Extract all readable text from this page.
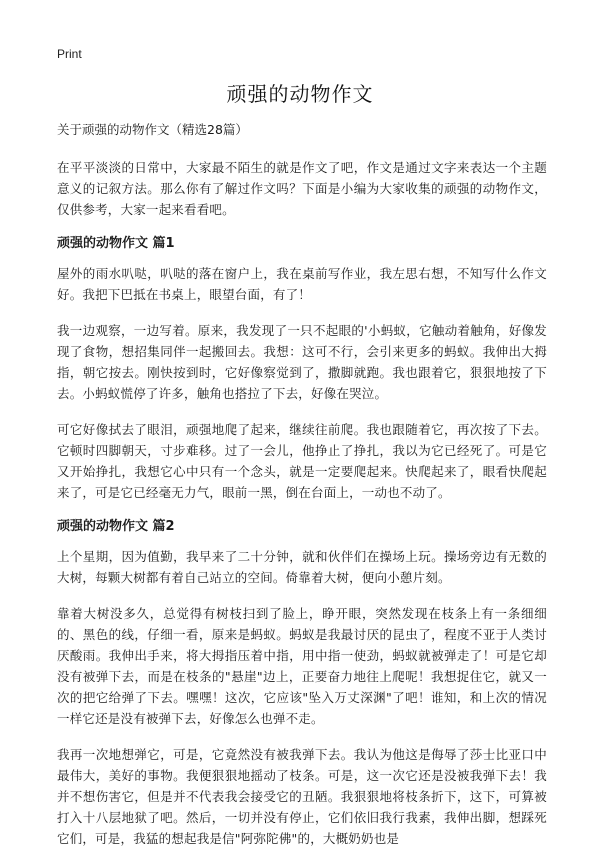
Print
顽强的动物作文

关于顽强的动物作文（精选28篇）

在平平淡淡的日常中，大家最不陌生的就是作文了吧，作文是通过文字来表达一个主题意义的记叙方法。那么你有了解过作文吗？下面是小编为大家收集的顽强的动物作文，仅供参考，大家一起来看看吧。

顽强的动物作文 篇1

屋外的雨水叭哒，叭哒的落在窗户上，我在桌前写作业，我左思右想，不知写什么作文好。我把下巴抵在书桌上，眼望台面，有了！

我一边观察，一边写着。原来，我发现了一只不起眼的'小蚂蚁，它触动着触角，好像发现了食物，想招集同伴一起搬回去。我想：这可不行，会引来更多的蚂蚁。我伸出大拇指，朝它按去。刚快按到时，它好像察觉到了，撒脚就跑。我也跟着它，狠狠地按了下去。小蚂蚁慌停了许多，触角也搭拉了下去，好像在哭泣。

可它好像拭去了眼泪，顽强地爬了起来，继续往前爬。我也跟随着它，再次按了下去。它顿时四脚朝天，寸步难移。过了一会儿，他挣止了挣扎，我以为它已经死了。可是它又开始挣扎，我想它心中只有一个念头，就是一定要爬起来。快爬起来了，眼看快爬起来了，可是它已经毫无力气，眼前一黑，倒在台面上，一动也不动了。

顽强的动物作文 篇2

上个星期，因为值勤，我早来了二十分钟，就和伙伴们在操场上玩。操场旁边有无数的大树，每颗大树都有着自己站立的空间。倚靠着大树，便向小憩片刻。

靠着大树没多久，总觉得有树枝扫到了脸上，睁开眼，突然发现在枝条上有一条细细的、黑色的线，仔细一看，原来是蚂蚁。蚂蚁是我最讨厌的昆虫了，程度不亚于人类讨厌酸雨。我伸出手来，将大拇指压着中指，用中指一使劲，蚂蚁就被弹走了！可是它却没有被弹下去，而是在枝条的"悬崖"边上，正要奋力地往上爬呢！我想捉住它，就又一次的把它给弹了下去。嘿嘿！这次，它应该"坠入万丈深渊"了吧！谁知，和上次的情况一样它还是没有被弹下去，好像怎么也弹不走。

我再一次地想弹它，可是，它竟然没有被我弹下去。我认为他这是侮辱了莎士比亚口中最伟大，美好的事物。我便狠狠地摇动了枝条。可是，这一次它还是没被我弹下去！我并不想伤害它，但是并不代表我会接受它的丑陋。我狠狠地将枝条折下，这下，可算被打入十八层地狱了吧。然后，一切并没有停止，它们依旧我行我素，我伸出脚，想踩死它们，可是，我猛的想起我是信"阿弥陀佛"的，大概奶奶也是
